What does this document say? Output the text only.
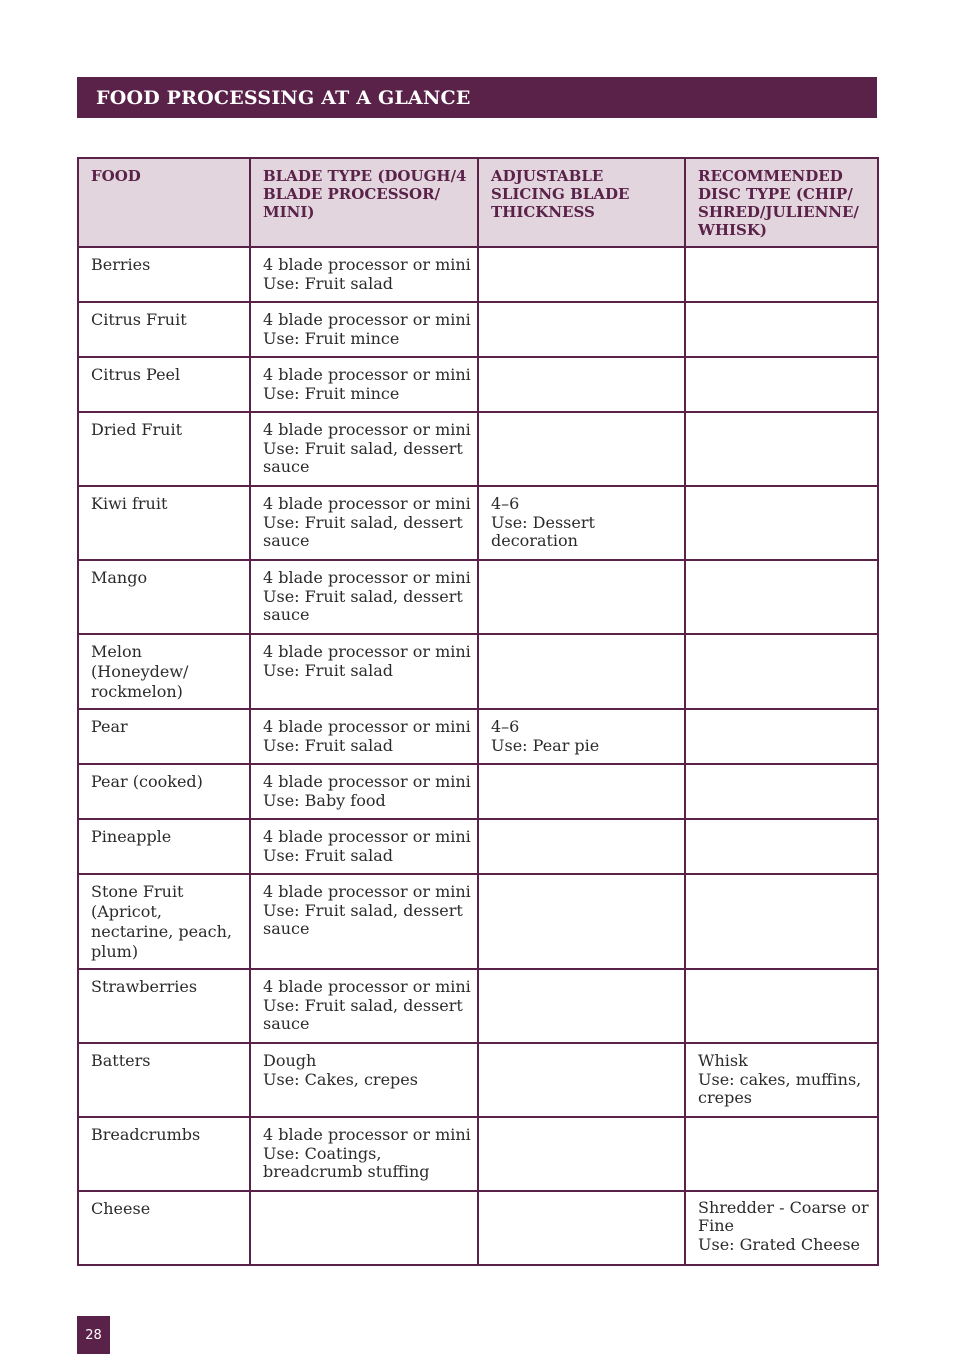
FOOD PROCESSING AT A GLANCE
FOOD	BLADE TYPE (DOUGH/4 BLADE PROCESSOR/ MINI)	ADJUSTABLE SLICING BLADE THICKNESS	RECOMMENDED DISC TYPE (CHIP/ SHRED/JULIENNE/ WHISK)

Berries	4 blade processor or mini
Use: Fruit salad		

Citrus Fruit	4 blade processor or mini
Use: Fruit mince		

Citrus Peel	4 blade processor or mini
Use: Fruit mince		

Dried Fruit	4 blade processor or mini
Use: Fruit salad, dessert sauce		

Kiwi fruit	4 blade processor or mini
Use: Fruit salad, dessert sauce	4–6
Use: Dessert decoration	

Mango	4 blade processor or mini
Use: Fruit salad, dessert sauce		

Melon (Honeydew/ rockmelon)	4 blade processor or mini
Use: Fruit salad		

Pear	4 blade processor or mini
Use: Fruit salad	4–6
Use: Pear pie	

Pear (cooked)	4 blade processor or mini
Use: Baby food		

Pineapple	4 blade processor or mini
Use: Fruit salad		

Stone Fruit (Apricot, nectarine, peach, plum)	4 blade processor or mini
Use: Fruit salad, dessert sauce		

Strawberries	4 blade processor or mini
Use: Fruit salad, dessert sauce		

Batters	Dough
Use: Cakes, crepes		Whisk
Use: cakes, muffins, crepes

Breadcrumbs	4 blade processor or mini
Use: Coatings, breadcrumb stuffing		

Cheese			Shredder - Coarse or Fine
Use: Grated Cheese
28
